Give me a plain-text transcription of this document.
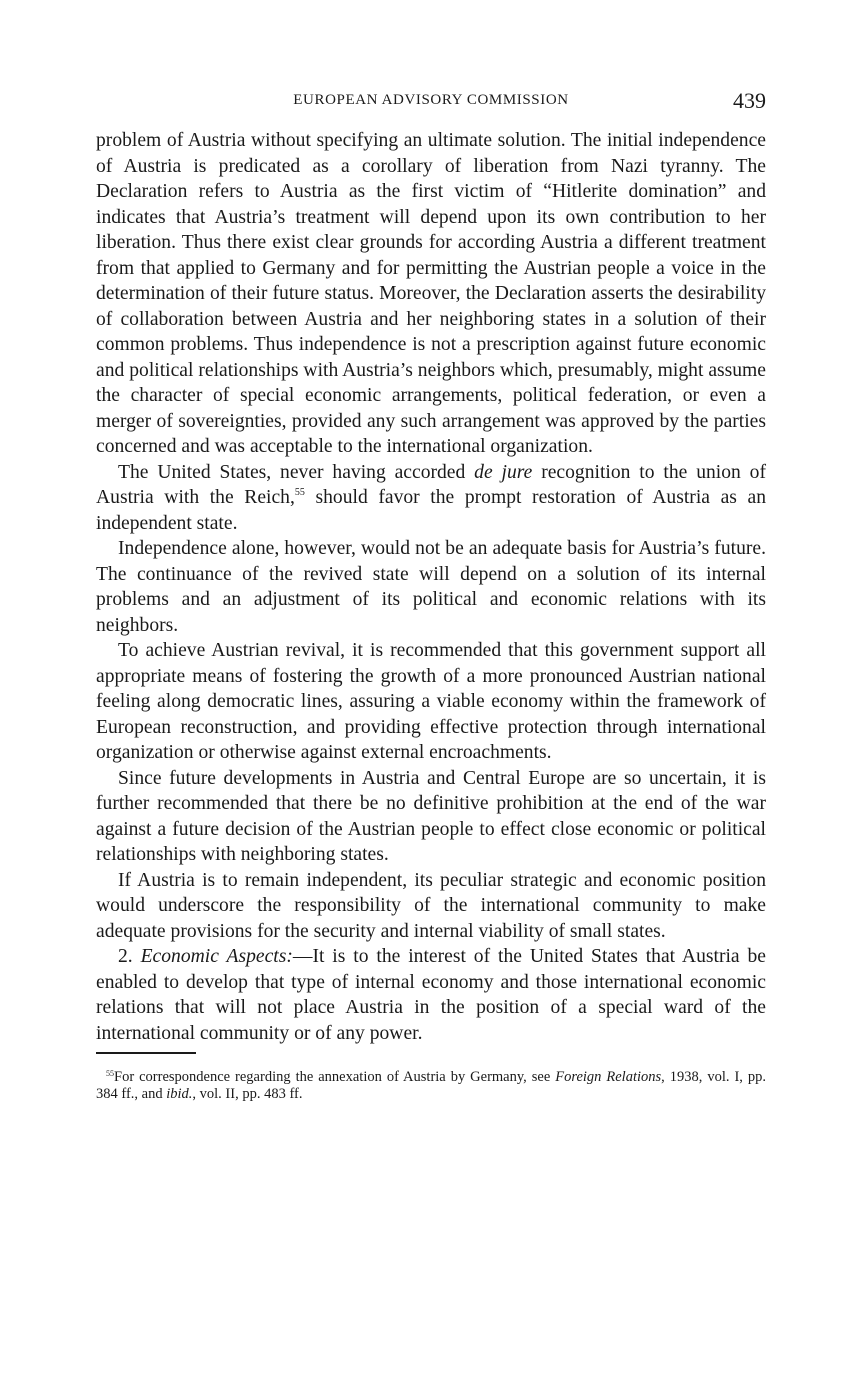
EUROPEAN ADVISORY COMMISSION	439

problem of Austria without specifying an ultimate solution. The initial independence of Austria is predicated as a corollary of liberation from Nazi tyranny. The Declaration refers to Austria as the first victim of “Hitlerite domination” and indicates that Austria’s treatment will depend upon its own contribution to her liberation. Thus there exist clear grounds for according Austria a different treatment from that applied to Germany and for permitting the Austrian people a voice in the determination of their future status. Moreover, the Declaration asserts the desirability of collaboration between Austria and her neighboring states in a solution of their common problems. Thus independence is not a prescription against future economic and political relationships with Austria’s neighbors which, presumably, might assume the character of special economic arrangements, political federation, or even a merger of sovereignties, provided any such arrangement was approved by the parties concerned and was acceptable to the international organization.

The United States, never having accorded de jure recognition to the union of Austria with the Reich,$^{55}$ should favor the prompt restoration of Austria as an independent state.

Independence alone, however, would not be an adequate basis for Austria’s future. The continuance of the revived state will depend on a solution of its internal problems and an adjustment of its political and economic relations with its neighbors.

To achieve Austrian revival, it is recommended that this government support all appropriate means of fostering the growth of a more pronounced Austrian national feeling along democratic lines, assuring a viable economy within the framework of European reconstruction, and providing effective protection through international organization or otherwise against external encroachments.

Since future developments in Austria and Central Europe are so uncertain, it is further recommended that there be no definitive prohibition at the end of the war against a future decision of the Austrian people to effect close economic or political relationships with neighboring states.

If Austria is to remain independent, its peculiar strategic and economic position would underscore the responsibility of the international community to make adequate provisions for the security and internal viability of small states.

2. Economic Aspects:—It is to the interest of the United States that Austria be enabled to develop that type of internal economy and those international economic relations that will not place Austria in the position of a special ward of the international community or of any power.

$^{55}$For correspondence regarding the annexation of Austria by Germany, see Foreign Relations, 1938, vol. I, pp. 384 ff., and ibid., vol. II, pp. 483 ff.
